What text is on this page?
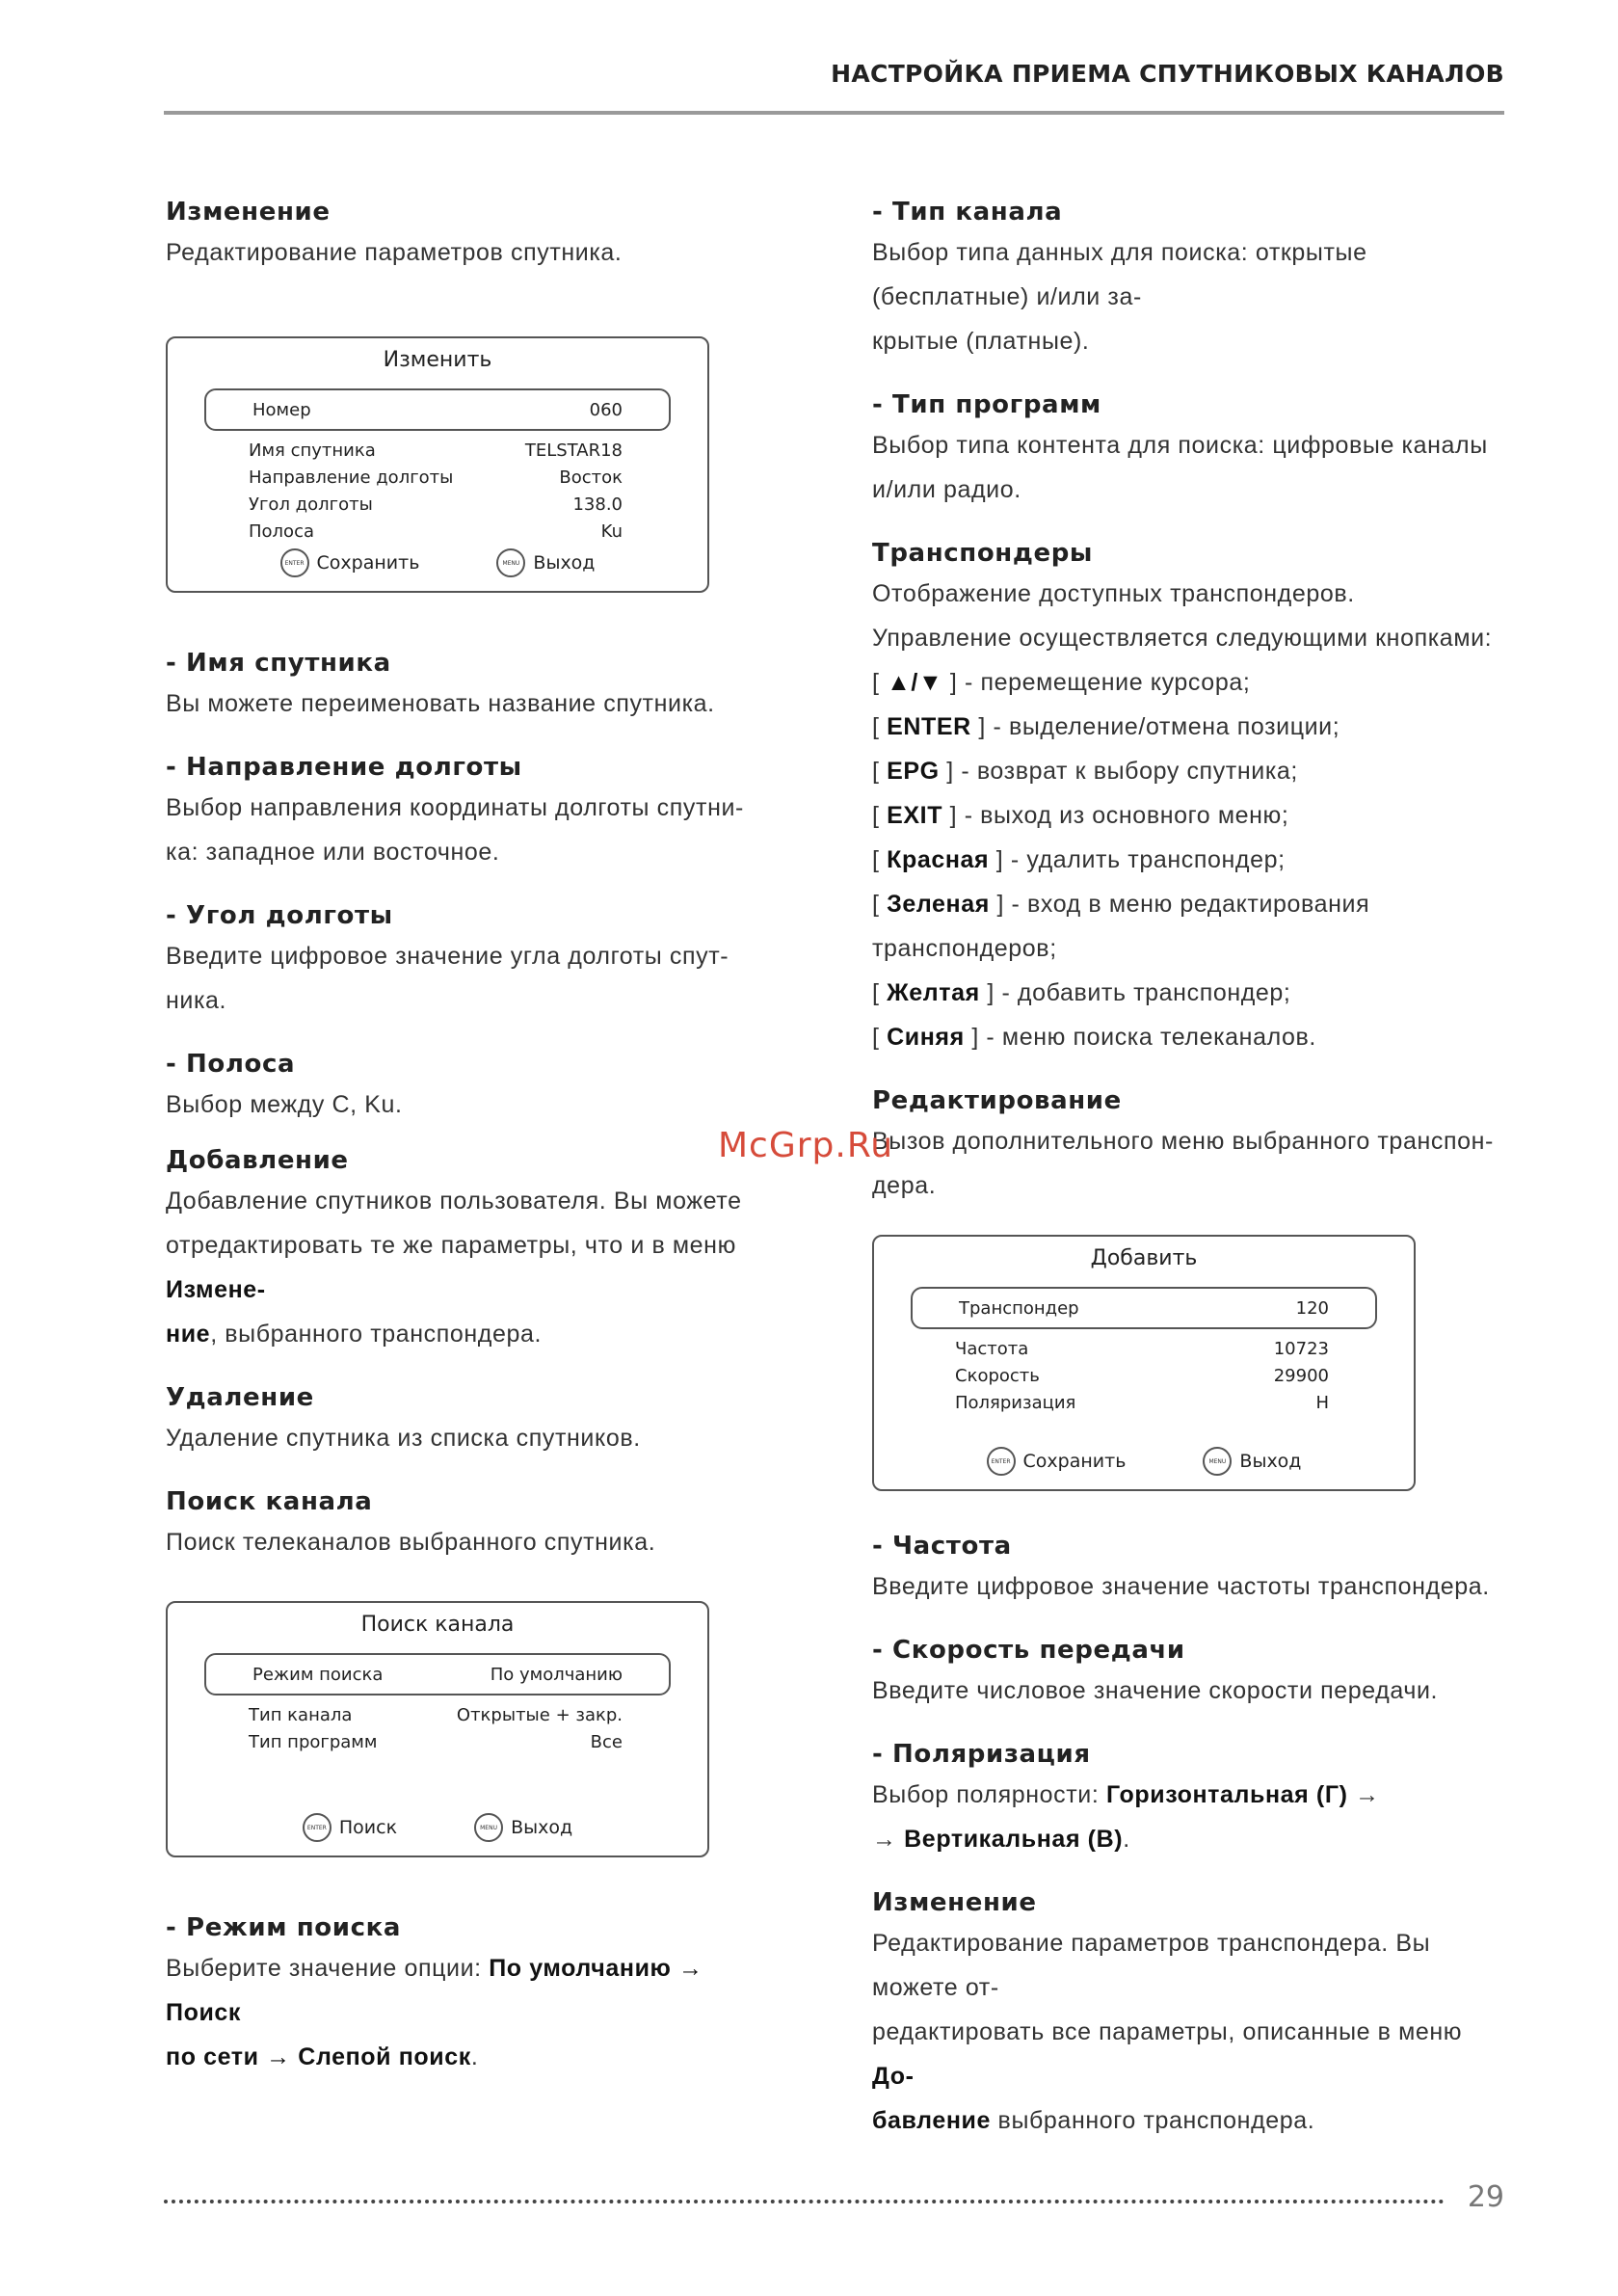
НАСТРОЙКА ПРИЕМА СПУТНИКОВЫХ КАНАЛОВ
Изменение

Редактирование параметров спутника.

Изменить
Номер	060
Имя спутника	TELSTAR18
Направление долготы	Восток
Угол долготы	138.0
Полоса	Ku
ENTER Сохранить	MENU Выход
- Имя спутника

Вы можете переименовать название спутника.

- Направление долготы

Выбор направления координаты долготы спутни-

ка: западное или восточное.

- Угол долготы

Введите цифровое значение угла долготы спут-

ника.

- Полоса

Выбор между C, Ku.

Добавление

Добавление спутников пользователя. Вы можете

отредактировать те же параметры, что и в меню Измене-

ние, выбранного транспондера.

Удаление

Удаление спутника из списка спутников.

Поиск канала

Поиск телеканалов выбранного спутника.

Поиск канала
Режим поиска	По умолчанию
Тип канала	Открытые + закр.
Тип программ	Все
ENTER Поиск	MENU Выход
- Режим поиска

Выберите значение опции: По умолчанию → Поиск

по сети → Слепой поиск.

- Тип канала

Выбор типа данных для поиска: открытые (бесплатные) и/или за-

крытые (платные).

- Тип программ

Выбор типа контента для поиска: цифровые каналы и/или радио.

Транспондеры

Отображение доступных транспондеров.

Управление осуществляется следующими кнопками:

[ ▲/▼ ] - перемещение курсора;

[ ENTER ] - выделение/отмена позиции;

[ EPG ] - возврат к выбору спутника;

[ EXIT ] - выход из основного меню;

[ Красная ] - удалить транспондер;

[ Зеленая ] - вход в меню редактирования транспондеров;

[ Желтая ] - добавить транспондер;

[ Синяя ] - меню поиска телеканалов.

Редактирование

Вызов дополнительного меню выбранного транспон-

дера.

Добавить
Транспондер	120
Частота	10723
Скорость	29900
Поляризация	H
ENTER Сохранить	MENU Выход
- Частота

Введите цифровое значение частоты транспондера.

- Скорость передачи

Введите числовое значение скорости передачи.

- Поляризация

Выбор полярности: Горизонтальная (Г) →

→ Вертикальная (В).

Изменение

Редактирование параметров транспондера. Вы можете от-

редактировать все параметры, описанные в меню До-

бавление выбранного транспондера.

McGrp.Ru
29
